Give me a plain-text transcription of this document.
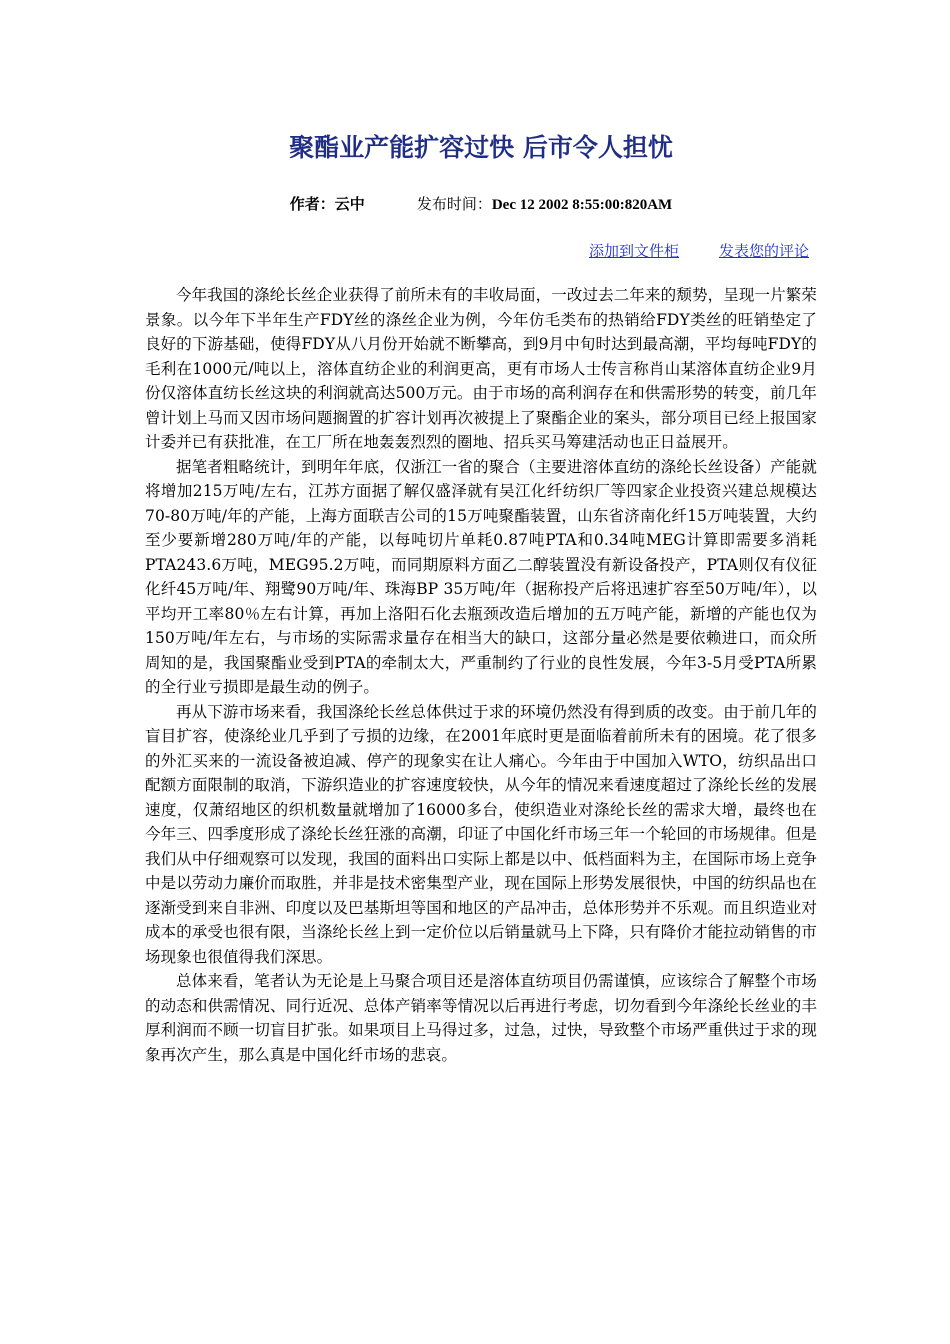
聚酯业产能扩容过快 后市令人担忧
作者：云中	发布时间：Dec 12 2002 8:55:00:820AM
添加到文件柜	发表您的评论

今年我国的涤纶长丝企业获得了前所未有的丰收局面，一改过去二年来的颓势，呈现一片繁荣景象。以今年下半年生产FDY丝的涤丝企业为例，今年仿毛类布的热销给FDY类丝的旺销垫定了良好的下游基础，使得FDY从八月份开始就不断攀高，到9月中旬时达到最高潮，平均每吨FDY的毛利在1000元/吨以上，溶体直纺企业的利润更高，更有市场人士传言称肖山某溶体直纺企业9月份仅溶体直纺长丝这块的利润就高达500万元。由于市场的高利润存在和供需形势的转变，前几年曾计划上马而又因市场问题搁置的扩容计划再次被提上了聚酯企业的案头，部分项目已经上报国家计委并已有获批准，在工厂所在地轰轰烈烈的圈地、招兵买马筹建活动也正日益展开。

据笔者粗略统计，到明年年底，仅浙江一省的聚合（主要进溶体直纺的涤纶长丝设备）产能就将增加215万吨/左右，江苏方面据了解仅盛泽就有吴江化纤纺织厂等四家企业投资兴建总规模达70-80万吨/年的产能，上海方面联吉公司的15万吨聚酯装置，山东省济南化纤15万吨装置，大约至少要新增280万吨/年的产能，以每吨切片单耗0.87吨PTA和0.34吨MEG计算即需要多消耗PTA243.6万吨，MEG95.2万吨，而同期原料方面乙二醇装置没有新设备投产，PTA则仅有仪征化纤45万吨/年、翔鹭90万吨/年、珠海BP 35万吨/年（据称投产后将迅速扩容至50万吨/年），以平均开工率80％左右计算，再加上洛阳石化去瓶颈改造后增加的五万吨产能，新增的产能也仅为150万吨/年左右，与市场的实际需求量存在相当大的缺口，这部分量必然是要依赖进口，而众所周知的是，我国聚酯业受到PTA的牵制太大，严重制约了行业的良性发展，今年3-5月受PTA所累的全行业亏损即是最生动的例子。

再从下游市场来看，我国涤纶长丝总体供过于求的环境仍然没有得到质的改变。由于前几年的盲目扩容，使涤纶业几乎到了亏损的边缘，在2001年底时更是面临着前所未有的困境。花了很多的外汇买来的一流设备被迫减、停产的现象实在让人痛心。今年由于中国加入WTO，纺织品出口配额方面限制的取消，下游织造业的扩容速度较快，从今年的情况来看速度超过了涤纶长丝的发展速度，仅萧绍地区的织机数量就增加了16000多台，使织造业对涤纶长丝的需求大增，最终也在今年三、四季度形成了涤纶长丝狂涨的高潮，印证了中国化纤市场三年一个轮回的市场规律。但是我们从中仔细观察可以发现，我国的面料出口实际上都是以中、低档面料为主，在国际市场上竞争中是以劳动力廉价而取胜，并非是技术密集型产业，现在国际上形势发展很快，中国的纺织品也在逐渐受到来自非洲、印度以及巴基斯坦等国和地区的产品冲击，总体形势并不乐观。而且织造业对成本的承受也很有限，当涤纶长丝上到一定价位以后销量就马上下降，只有降价才能拉动销售的市场现象也很值得我们深思。

总体来看，笔者认为无论是上马聚合项目还是溶体直纺项目仍需谨慎，应该综合了解整个市场的动态和供需情况、同行近况、总体产销率等情况以后再进行考虑，切勿看到今年涤纶长丝业的丰厚利润而不顾一切盲目扩张。如果项目上马得过多，过急，过快，导致整个市场严重供过于求的现象再次产生，那么真是中国化纤市场的悲哀。
